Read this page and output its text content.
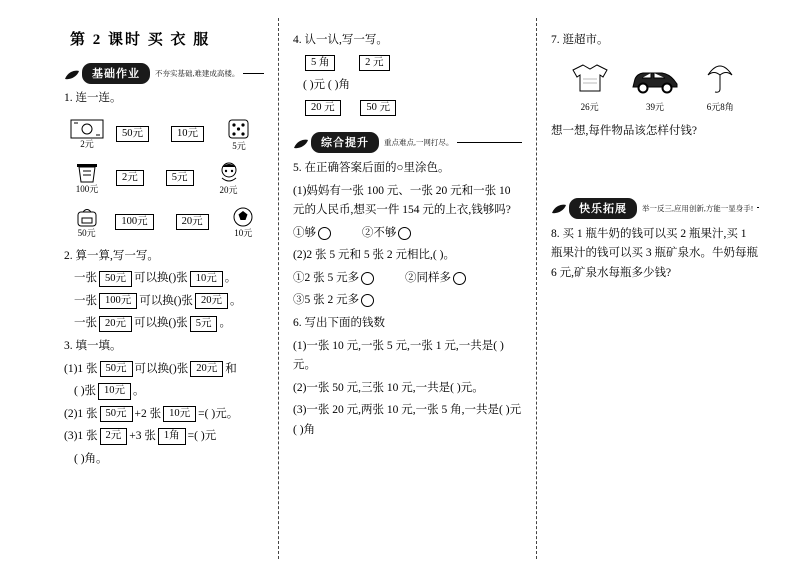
第 2 课时 买 衣 服
基础作业	不夯实基础,难建成高楼。
1. 连一连。
2元
50元	10元
5元
100元
2元	5元
20元
50元
100元	20元
10元
2. 算一算,写一写。
一张 50元 可以换()张 10元 。
一张 100元 可以换()张 20元 。
一张 20元 可以换()张 5元 。
3. 填一填。
(1)1 张 50元 可以换()张 20元 和
( )张 10元 。
(2)1 张 50元 +2 张 10元 =( )元。
(3)1 张 2元 +3 张 1角 =( )元
( )角。
4. 认一认,写一写。
5 角	2 元
( )元 ( )角
20 元	50 元
综合提升	重点难点,一网打尽。
5. 在正确答案后面的○里涂色。
(1)妈妈有一张 100 元、一张 20 元和一张 10 元的人民币,想买一件 154 元的上衣,钱够吗?
①够	②不够
(2)2 张 5 元和 5 张 2 元相比,( )。
①2 张 5 元多	②同样多
③5 张 2 元多
6. 写出下面的钱数
(1)一张 10 元,一张 5 元,一张 1 元,一共是( )元。
(2)一张 50 元,三张 10 元,一共是( )元。
(3)一张 20 元,两张 10 元,一张 5 角,一共是( )元( )角
7. 逛超市。
26元	39元	6元8角
想一想,每件物品该怎样付钱?
快乐拓展	举一反三,应用创新,方能一显身手!
8. 买 1 瓶牛奶的钱可以买 2 瓶果汁,买 1 瓶果汁的钱可以买 3 瓶矿泉水。牛奶每瓶 6 元,矿泉水每瓶多少钱?
